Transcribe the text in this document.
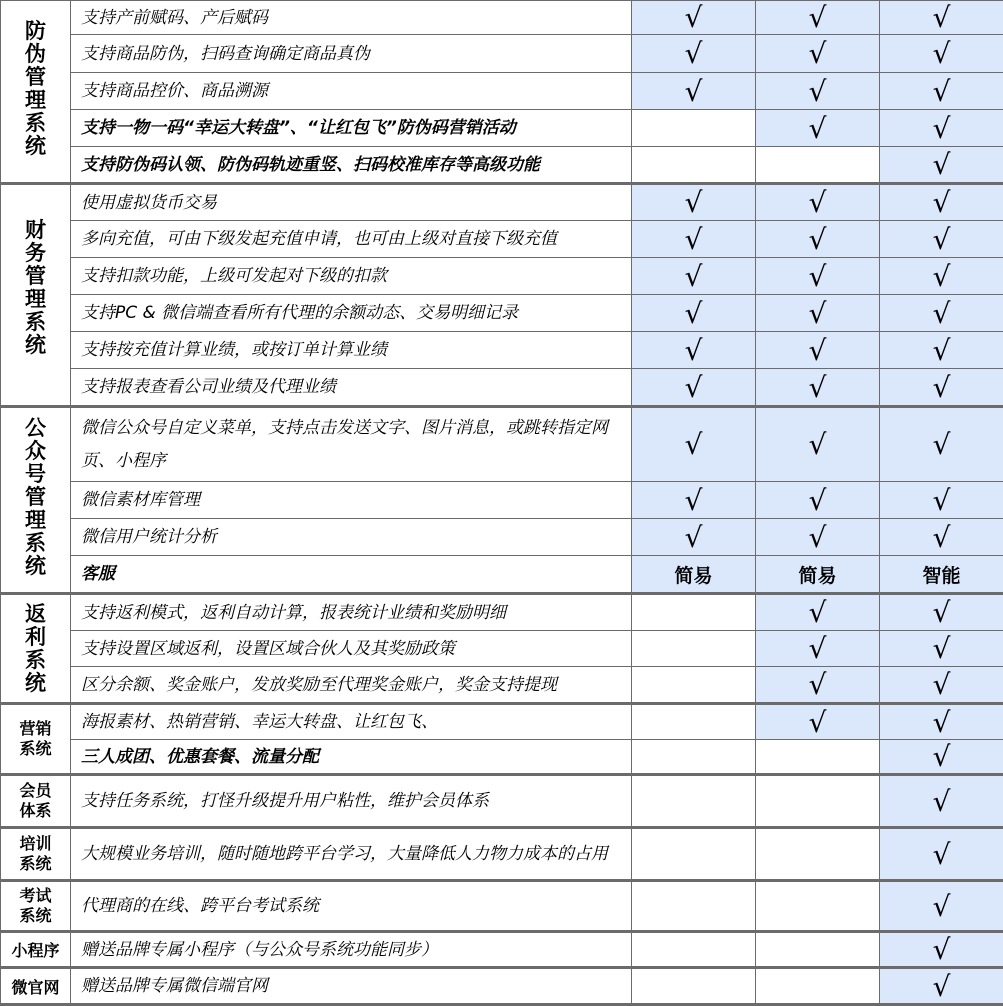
防伪管理系统	支持产前赋码、产后赋码	√	√	√
	支持商品防伪，扫码查询确定商品真伪	√	√	√
	支持商品控价、商品溯源	√	√	√
	支持一物一码“幸运大转盘”、“让红包飞”防伪码营销活动		√	√
	支持防伪码认领、防伪码轨迹重竖、扫码校准库存等高级功能			√
财务管理系统	使用虚拟货币交易	√	√	√
	多向充值，可由下级发起充值申请，也可由上级对直接下级充值	√	√	√
	支持扣款功能，上级可发起对下级的扣款	√	√	√
	支持PC & 微信端查看所有代理的余额动态、交易明细记录	√	√	√
	支持按充值计算业绩，或按订单计算业绩	√	√	√
	支持报表查看公司业绩及代理业绩	√	√	√
公众号管理系统	微信公众号自定义菜单，支持点击发送文字、图片消息，或跳转指定网页、小程序	√	√	√
	微信素材库管理	√	√	√
	微信用户统计分析	√	√	√
	客服	简易	简易	智能
返利系统	支持返利模式，返利自动计算，报表统计业绩和奖励明细		√	√
	支持设置区域返利，设置区域合伙人及其奖励政策		√	√
	区分余额、奖金账户，发放奖励至代理奖金账户，奖金支持提现		√	√
营销系统	海报素材、热销营销、幸运大转盘、让红包飞、		√	√
	三人成团、优惠套餐、流量分配			√
会员体系	支持任务系统，打怪升级提升用户粘性，维护会员体系			√
培训系统	大规模业务培训，随时随地跨平台学习，大量降低人力物力成本的占用			√
考试系统	代理商的在线、跨平台考试系统			√
小程序	赠送品牌专属小程序（与公众号系统功能同步）			√
微官网	赠送品牌专属微信端官网			√
